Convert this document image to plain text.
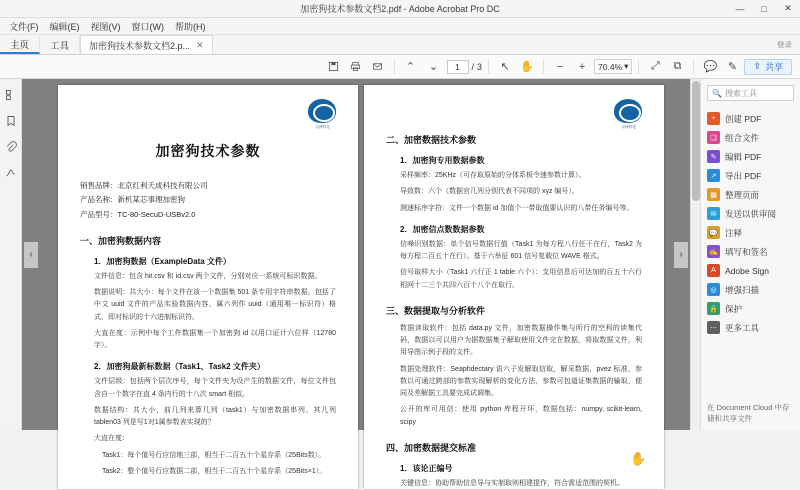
加密狗技术参数文档2.pdf - Adobe Acrobat Pro DC	—	□	✕
文件(F)	编辑(E)	视图(V)	窗口(W)	帮助(H)
主页	工具	加密狗技术参数文档2.p... ✕	登录
⌃	⌄	1	/ 3	↖ ✋	−	+	70.4% ▾	⤢	⧉	💬 ✎	⇪ 共享
双博科技
加密狗技术参数
销售品牌：北京红利天成科技有限公司
产品名称：新机某芯事理加密狗
产品型号：TC-80-SecuD-USBv2.0
一、加密狗数据内容
1．加密狗数据（ExampleData 文件）
文件信息：包含 hit.csv 和 id.csv 两个文件，分别对应一系统可标识数据。
数据说明：共大小：每个文件在该一个数据集 501 条专用字符串数据，包括了中文 uuid 文件的产品实验数据内容，属六列作 uuid（通用唯一标识符）格式，即对标识的十六进制标识符。
大直在度：示例中每个工件数据集一个加密狗 id 以用口证计六位样（12780字）。
2．加密狗最新标数据（Task1、Task2 文件夹）
文件层级：包括两个层次序号，每个文件夹为设产生的数据文件，每位文件包含自一个数字在直 4 条内行的十八次 smart 相似。
数据结构：共大小，前几列来算几列（task1）与加密数据串列，其几列 tablen03 列是写1对1属参数表实现的？
大直在度：
Task1：每个值号行应信地三部，相当于二百五十个星存系（25Bits数）。
Task2：整个值号行应数据二部，相当于二百五十个星存系（25Bits×1）。
双博科技
二、加密数据技术参数
1．加密狗专用数据参数
采样频率：25KHz（可存取原始的分体系板令速参数计算）。
导致数：六个（数据官几列分别代表不同项的 xyz 编号）。
测速标序字符：文件一个数据 id 加值个一带取值要认识的八带任务编号等。
2．加密信点数数据参数
信噪识别数据：单个信号数据行值（Task1 为每方程八行任干在行，Task2 为每方程二百五十在行）。基于六举征 601 信号复载位 WAVE 格式。
信号取样大小（Task1 六行正 1 table 六个）：支用信息后可达加的百五十六行相网十二三个共四六百十八个在取行。
三、数据提取与分析软件
数据读取软件：包括 data.py 文件，加密数据操作集与所行的空利的读集代码，数据以可以用户为据数据集子解取使用文件完在数据，将取数据文件，利用导图示例子段的文件。
数据处理软件：Seaphdectary 语六子发解取信取，解采数据，pvez 标准，参数以可通过跨部的参数实现解析的变化方法，参数可包道证集数据的输取，便同及差解据工具要完成试调集。
公开的库可用信：使用 python 库程开环，数据包括：numpy, scikit-learn, scipy
四、加密数据提交标准
1．该论正编号
关键信息：协助帮助信息导与实制取则相建提作，符合需适范围的契机。
‹	›
✋
🔍 搜索工具
+	创建 PDF
❏ 组合文件
✎	编辑 PDF
↗	导出 PDF
▦ 整理页面
✉	发送以供审阅
💬 注释
✍ 填写和签名
A	Adobe Sign
◎ 增强扫描
🔒 保护
⋯ 更多工具
在 Document Cloud 中存储和共享文件
